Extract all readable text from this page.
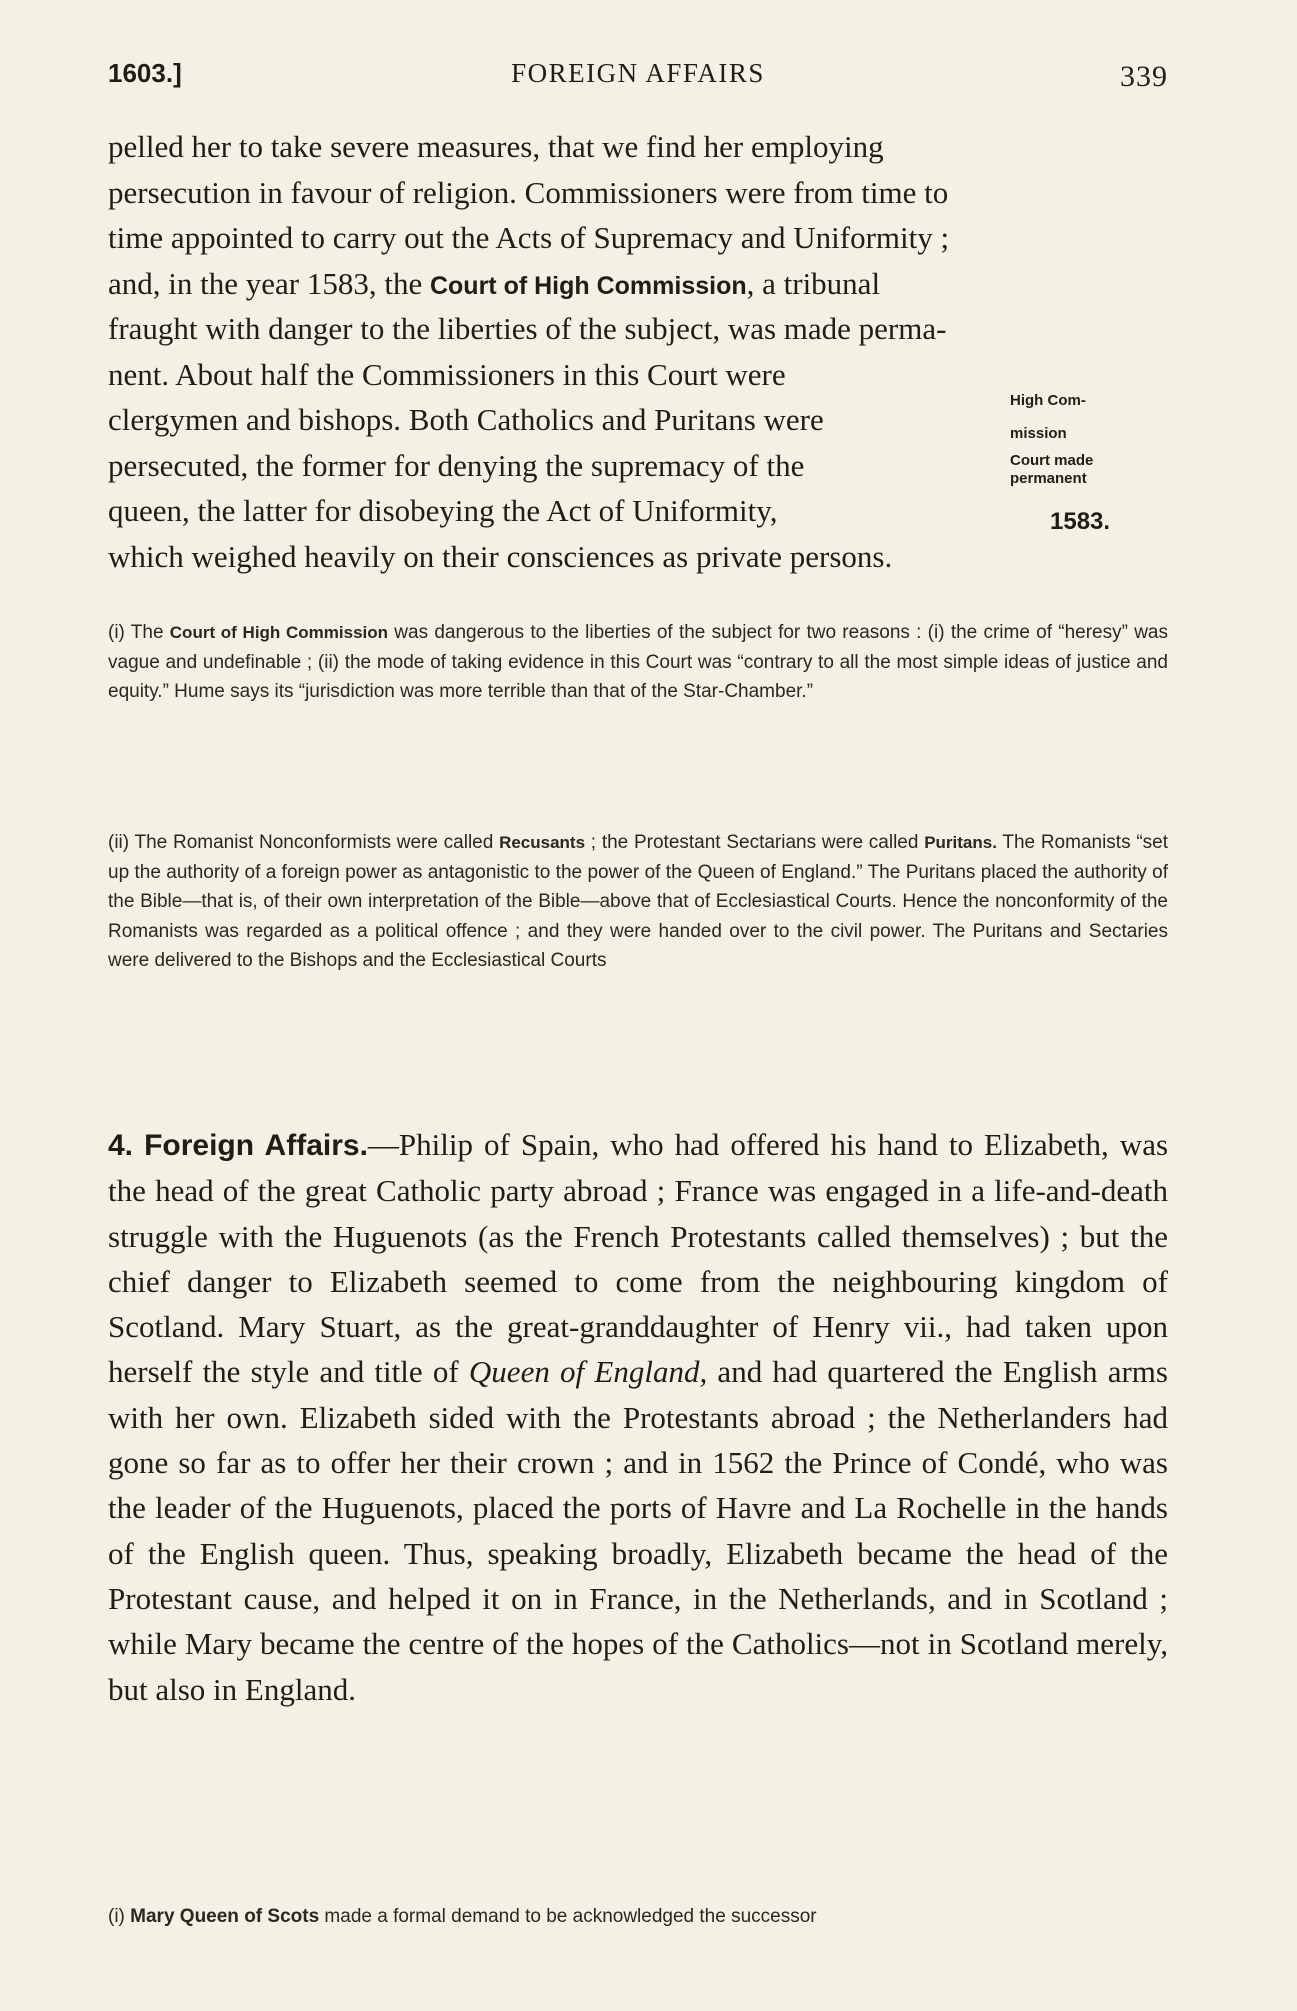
1603.]	FOREIGN AFFAIRS	339
pelled her to take severe measures, that we find her employing
persecution in favour of religion. Commissioners were from time to
time appointed to carry out the Acts of Supremacy and Uniformity ;
and, in the year 1583, the Court of High Commission, a tribunal
fraught with danger to the liberties of the subject, was made perma-
nent. About half the Commissioners in this Court were
clergymen and bishops. Both Catholics and Puritans were
persecuted, the former for denying the supremacy of the
queen, the latter for disobeying the Act of Uniformity,
which weighed heavily on their consciences as private persons.
High Com-
mission
Court made
permanent
1583.
(i) The Court of High Commission was dangerous to the liberties of the subject for two reasons : (i) the crime of “heresy” was vague and undefinable ; (ii) the mode of taking evidence in this Court was “contrary to all the most simple ideas of justice and equity.” Hume says its “jurisdiction was more terrible than that of the Star-Chamber.”
(ii) The Romanist Nonconformists were called Recusants ; the Protestant Sectarians were called Puritans. The Romanists “set up the authority of a foreign power as antagonistic to the power of the Queen of England.” The Puritans placed the authority of the Bible—that is, of their own interpretation of the Bible—above that of Ecclesiastical Courts. Hence the nonconformity of the Romanists was regarded as a political offence ; and they were handed over to the civil power. The Puritans and Sectaries were delivered to the Bishops and the Ecclesiastical Courts
4. Foreign Affairs.—Philip of Spain, who had offered his hand to Elizabeth, was the head of the great Catholic party abroad ; France was engaged in a life-and-death struggle with the Huguenots (as the French Protestants called themselves) ; but the chief danger to Elizabeth seemed to come from the neighbouring kingdom of Scotland. Mary Stuart, as the great-granddaughter of Henry vii., had taken upon herself the style and title of Queen of England, and had quartered the English arms with her own. Elizabeth sided with the Protestants abroad ; the Netherlanders had gone so far as to offer her their crown ; and in 1562 the Prince of Condé, who was the leader of the Huguenots, placed the ports of Havre and La Rochelle in the hands of the English queen. Thus, speaking broadly, Elizabeth became the head of the Protestant cause, and helped it on in France, in the Netherlands, and in Scotland ; while Mary became the centre of the hopes of the Catholics—not in Scotland merely, but also in England.
(i) Mary Queen of Scots made a formal demand to be acknowledged the successor
